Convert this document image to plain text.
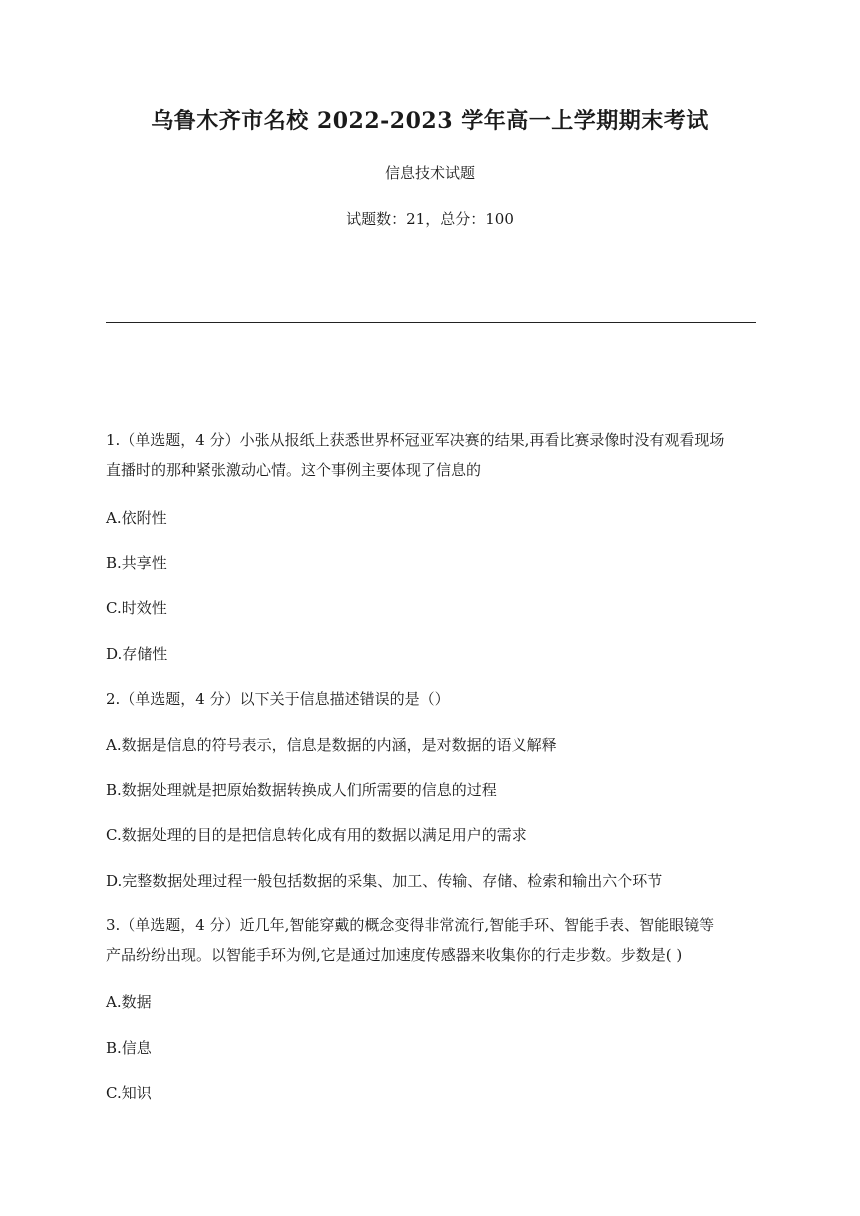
乌鲁木齐市名校 2022-2023 学年高一上学期期末考试
信息技术试题
试题数：21，总分：100
1.（单选题，4 分）小张从报纸上获悉世界杯冠亚军决赛的结果,再看比赛录像时没有观看现场
直播时的那种紧张激动心情。这个事例主要体现了信息的
A.依附性
B.共享性
C.时效性
D.存储性
2.（单选题，4 分）以下关于信息描述错误的是（）
A.数据是信息的符号表示，信息是数据的内涵，是对数据的语义解释
B.数据处理就是把原始数据转换成人们所需要的信息的过程
C.数据处理的目的是把信息转化成有用的数据以满足用户的需求
D.完整数据处理过程一般包括数据的采集、加工、传输、存储、检索和输出六个环节
3.（单选题，4 分）近几年,智能穿戴的概念变得非常流行,智能手环、智能手表、智能眼镜等
产品纷纷出现。以智能手环为例,它是通过加速度传感器来收集你的行走步数。步数是( )
A.数据
B.信息
C.知识
